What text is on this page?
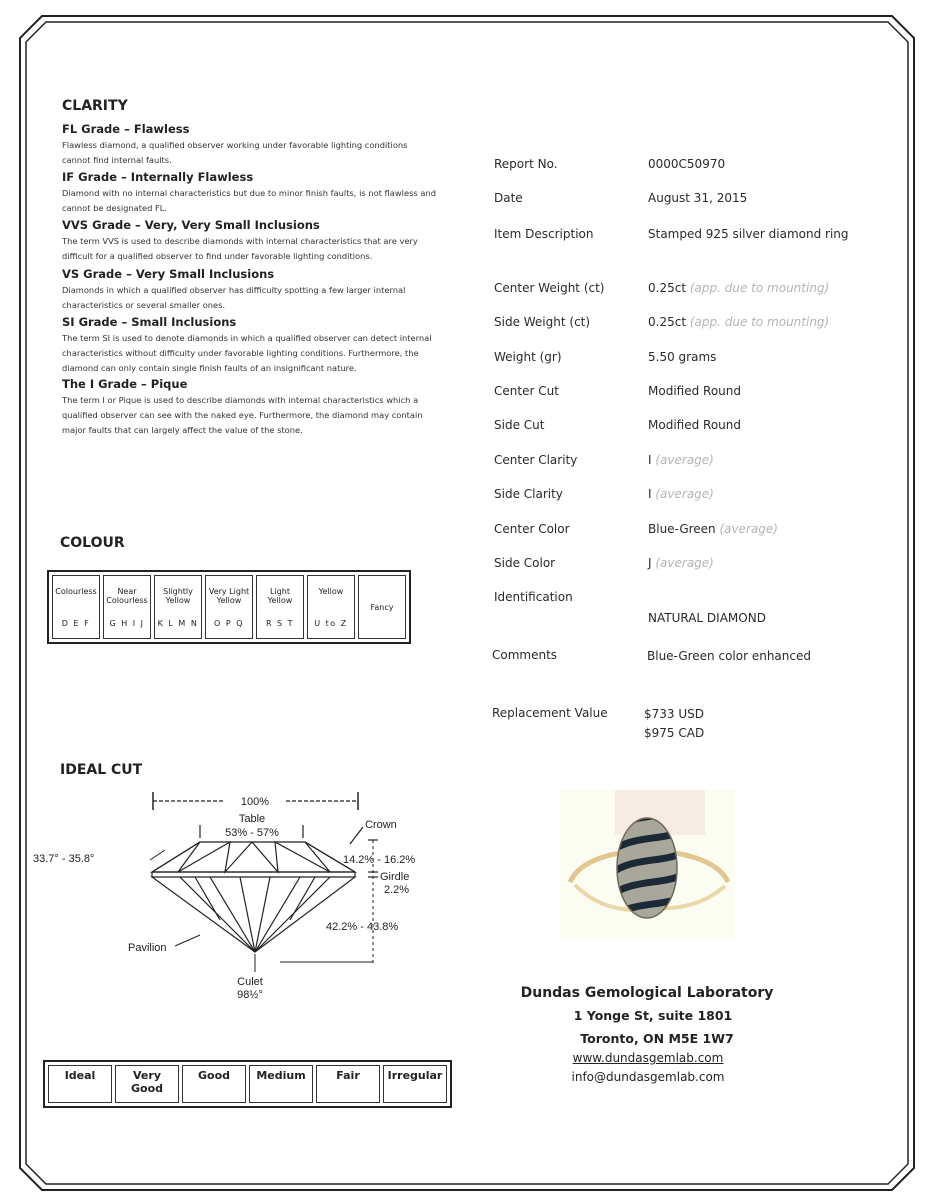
CLARITY
FL Grade – Flawless
Flawless diamond, a qualified observer working under favorable lighting conditions cannot find internal faults.
IF Grade – Internally Flawless
Diamond with no internal characteristics but due to minor finish faults, is not flawless and cannot be designated FL.
VVS Grade – Very, Very Small Inclusions
The term VVS is used to describe diamonds with internal characteristics that are very difficult for a qualified observer to find under favorable lighting conditions.
VS Grade – Very Small Inclusions
Diamonds in which a qualified observer has difficulty spotting a few larger internal characteristics or several smaller ones.
SI Grade – Small Inclusions
The term SI is used to denote diamonds in which a qualified observer can detect internal characteristics without difficulty under favorable lighting conditions. Furthermore, the diamond can only contain single finish faults of an insignificant nature.
The I Grade – Pique
The term I or Pique is used to describe diamonds with internal characteristics which a qualified observer can see with the naked eye. Furthermore, the diamond may contain major faults that can largely affect the value of the stone.
COLOUR
Colourless
D E F

Near Colourless
G H I J

Slightly Yellow
K L M N

Very Light Yellow
O P Q

Light Yellow
R S T

Yellow
U to Z
	Fancy
IDEAL CUT
100%
Table
53% - 57%
33.7° - 35.8°
Crown
14.2% - 16.2%
Girdle
2.2%
42.2% - 43.8%
Pavilion
Culet
98½°
Ideal	Very Good	Good	Medium	Fair	Irregular
Report No.	0000C50970
Date	August 31, 2015
Item Description	Stamped 925 silver diamond ring
Center Weight (ct)	0.25ct (app. due to mounting)
Side Weight (ct)	0.25ct (app. due to mounting)
Weight (gr)	5.50 grams
Center Cut	Modified Round
Side Cut	Modified Round
Center Clarity	I (average)
Side Clarity	I (average)
Center Color	Blue-Green (average)
Side Color	J (average)
Identification
NATURAL DIAMOND
Comments	Blue-Green color enhanced
Replacement Value	$733 USD
$975 CAD
Dundas Gemological Laboratory
1 Yonge St, suite 1801
Toronto, ON M5E 1W7
www.dundasgemlab.com
info@dundasgemlab.com
